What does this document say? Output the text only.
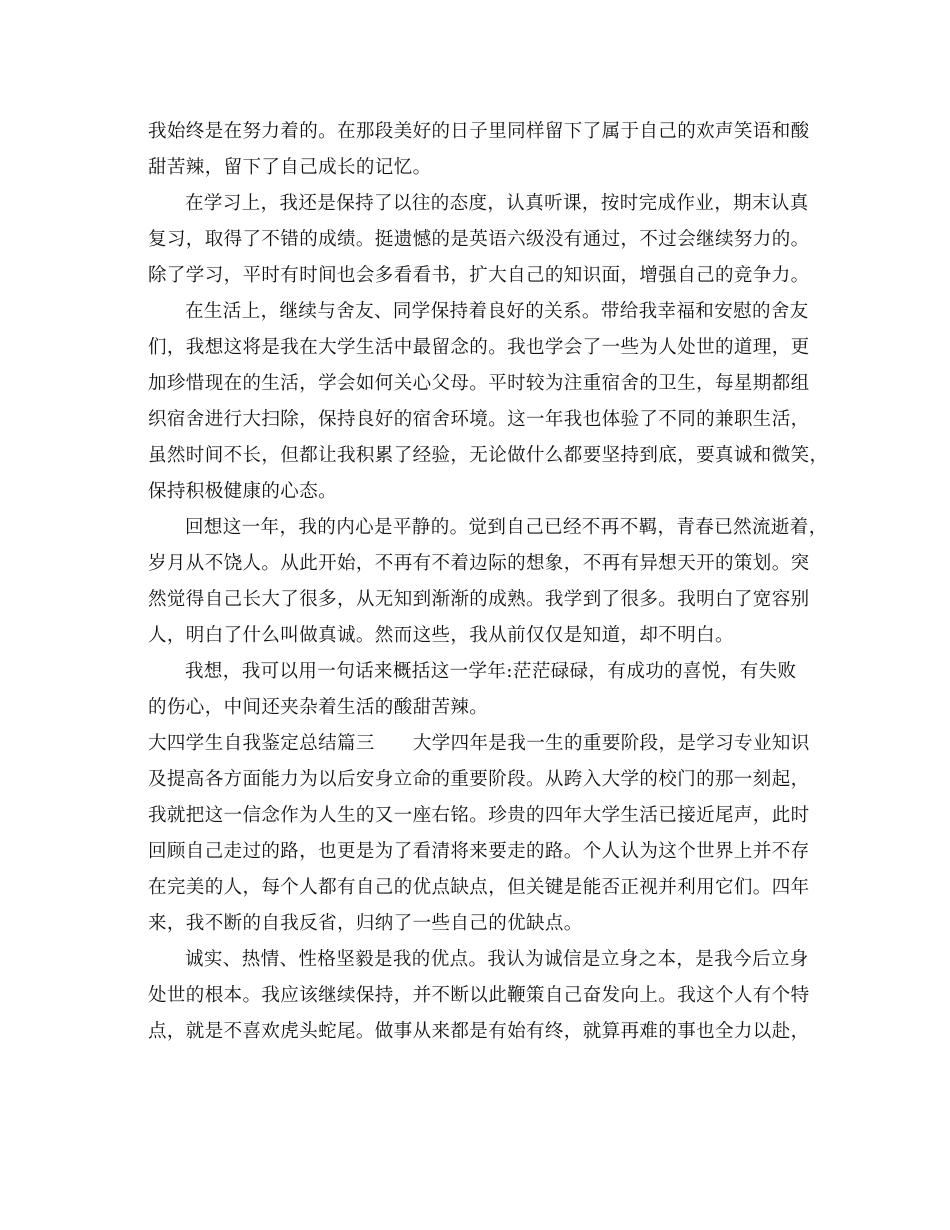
我始终是在努力着的。在那段美好的日子里同样留下了属于自己的欢声笑语和酸
甜苦辣，留下了自己成长的记忆。
在学习上，我还是保持了以往的态度，认真听课，按时完成作业，期末认真
复习，取得了不错的成绩。挺遗憾的是英语六级没有通过，不过会继续努力的。
除了学习，平时有时间也会多看看书，扩大自己的知识面，增强自己的竞争力。
在生活上，继续与舍友、同学保持着良好的关系。带给我幸福和安慰的舍友
们，我想这将是我在大学生活中最留念的。我也学会了一些为人处世的道理，更
加珍惜现在的生活，学会如何关心父母。平时较为注重宿舍的卫生，每星期都组
织宿舍进行大扫除，保持良好的宿舍环境。这一年我也体验了不同的兼职生活，
虽然时间不长，但都让我积累了经验，无论做什么都要坚持到底，要真诚和微笑，
保持积极健康的心态。
回想这一年，我的内心是平静的。觉到自己已经不再不羁，青春已然流逝着，
岁月从不饶人。从此开始，不再有不着边际的想象，不再有异想天开的策划。突
然觉得自己长大了很多，从无知到渐渐的成熟。我学到了很多。我明白了宽容别
人，明白了什么叫做真诚。然而这些，我从前仅仅是知道，却不明白。
我想，我可以用一句话来概括这一学年:茫茫碌碌，有成功的喜悦，有失败
的伤心，中间还夹杂着生活的酸甜苦辣。
大四学生自我鉴定总结篇三 大学四年是我一生的重要阶段，是学习专业知识
及提高各方面能力为以后安身立命的重要阶段。从跨入大学的校门的那一刻起，
我就把这一信念作为人生的又一座右铭。珍贵的四年大学生活已接近尾声，此时
回顾自己走过的路，也更是为了看清将来要走的路。个人认为这个世界上并不存
在完美的人，每个人都有自己的优点缺点，但关键是能否正视并利用它们。四年
来，我不断的自我反省，归纳了一些自己的优缺点。
诚实、热情、性格坚毅是我的优点。我认为诚信是立身之本，是我今后立身
处世的根本。我应该继续保持，并不断以此鞭策自己奋发向上。我这个人有个特
点，就是不喜欢虎头蛇尾。做事从来都是有始有终，就算再难的事也全力以赴，
